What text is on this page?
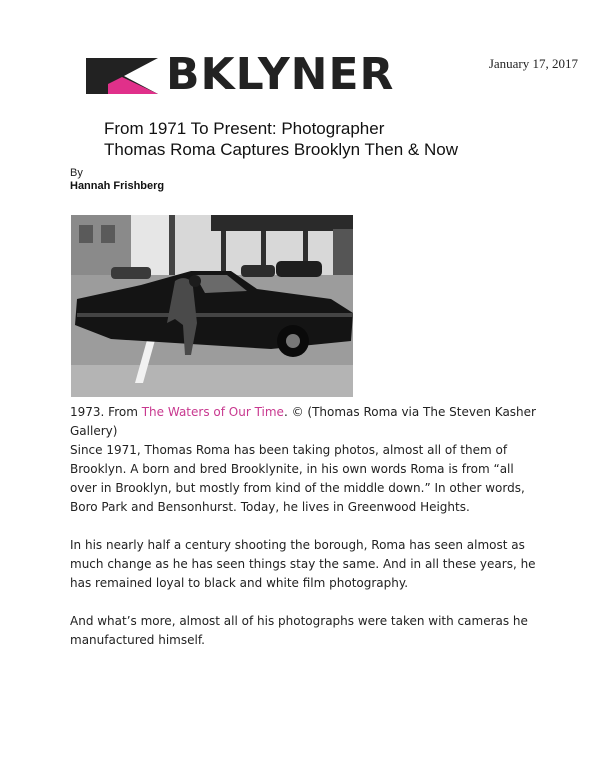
January 17, 2017
BKLYNER
From 1971 To Present: Photographer
Thomas Roma Captures Brooklyn Then & Now
By
Hannah Frishberg

1973. From The Waters of Our Time. © (Thomas Roma via The Steven Kasher Gallery)

Since 1971, Thomas Roma has been taking photos, almost all of them of Brooklyn. A born and bred Brooklynite, in his own words Roma is from “all over in Brooklyn, but mostly from kind of the middle down.” In other words, Boro Park and Bensonhurst. Today, he lives in Greenwood Heights.

In his nearly half a century shooting the borough, Roma has seen almost as much change as he has seen things stay the same. And in all these years, he has remained loyal to black and white film photography.

And what’s more, almost all of his photographs were taken with cameras he manufactured himself.
